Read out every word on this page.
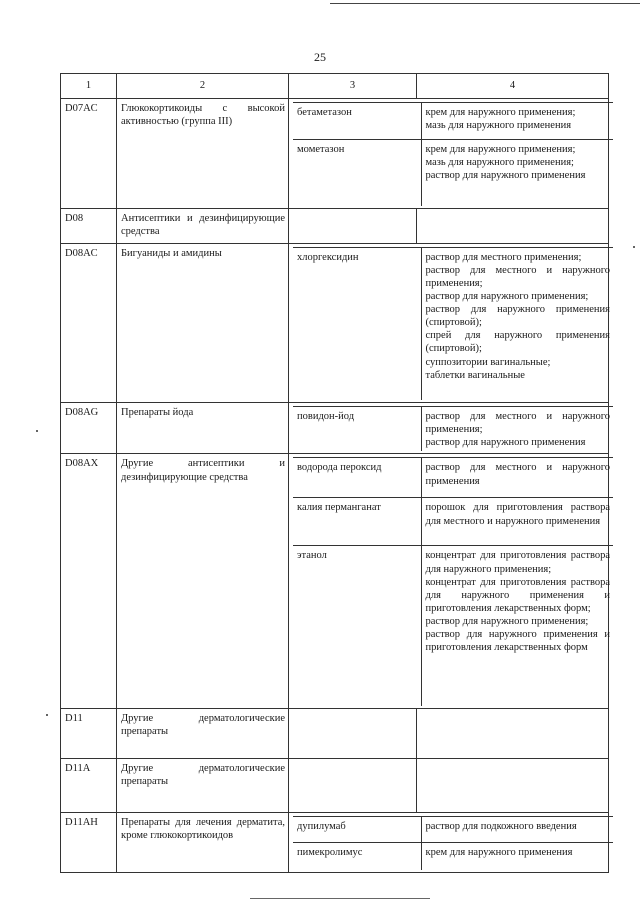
25
1	2	3	4
D07AC	Глюкокортикоиды с высокой активностью (группа III)	
бетаметазон	крем для наружного применения;
мазь для наружного применения
мометазон	крем для наружного применения;
мазь для наружного применения;
раствор для наружного применения

D08	Антисептики и дезинфицирующие средства		
D08AC	Бигуаниды и амидины		хлоргексидин	раствор для местного применения;
раствор для местного и наружного применения;
раствор для наружного применения;
раствор для наружного применения (спиртовой);
спрей для наружного применения (спиртовой);
суппозитории вагинальные;
таблетки вагинальные

D08AG	Препараты йода		повидон-йод	раствор для местного и наружного применения;
раствор для наружного применения

D08AX	Другие антисептики и дезинфицирующие средства	
водорода пероксид	раствор для местного и наружного применения
калия перманганат	порошок для приготовления раствора для местного и наружного применения
этанол	концентрат для приготовления раствора для наружного применения;
концентрат для приготовления раствора для наружного применения и приготовления лекарственных форм;
раствор для наружного применения;
раствор для наружного применения и приготовления лекарственных форм

D11	Другие дерматологические препараты		
D11A	Другие дерматологические препараты		
D11AH	Препараты для лечения дерматита, кроме глюкокортикоидов	
дупилумаб	раствор для подкожного введения
пимекролимус	крем для наружного применения
